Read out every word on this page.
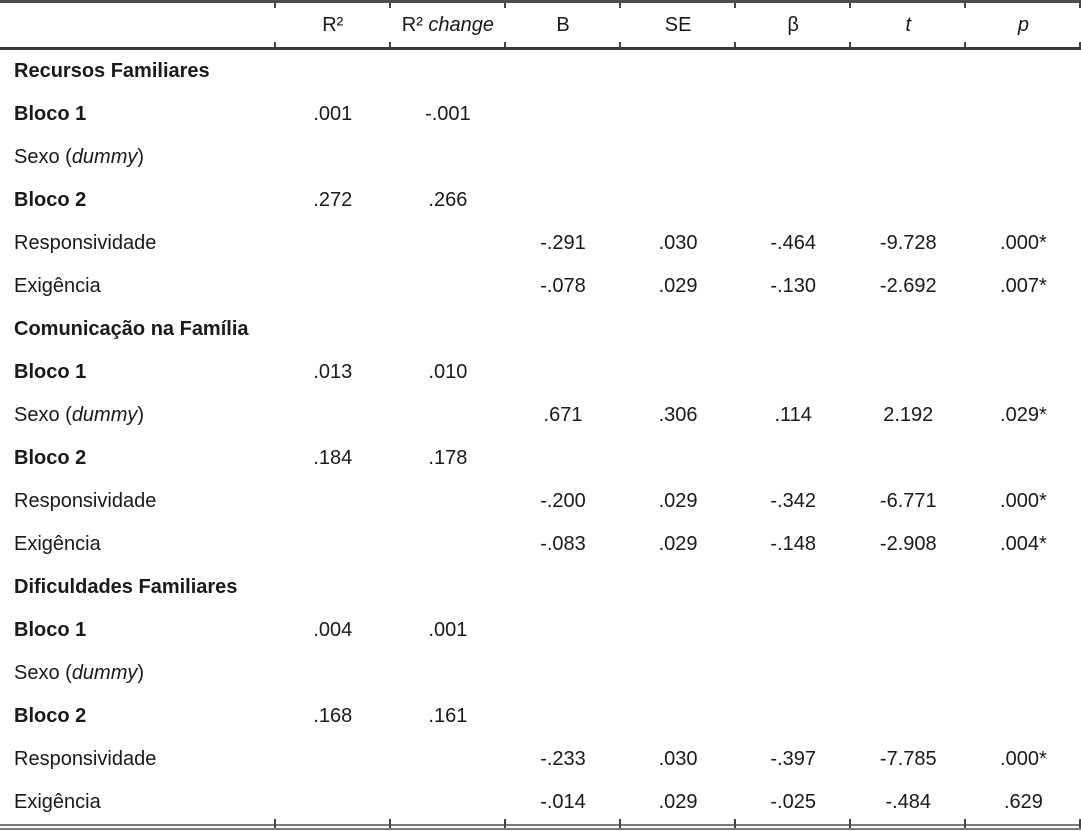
	R²	R² change	B	SE	β	t	p
Recursos Familiares							
Bloco 1	.001	-.001					
Sexo (dummy)							
Bloco 2	.272	.266					
Responsividade			-.291	.030	-.464	-9.728	.000*
Exigência			-.078	.029	-.130	-2.692	.007*
Comunicação na Família							
Bloco 1	.013	.010					
Sexo (dummy)			.671	.306	.114	2.192	.029*
Bloco 2	.184	.178					
Responsividade			-.200	.029	-.342	-6.771	.000*
Exigência			-.083	.029	-.148	-2.908	.004*
Dificuldades Familiares							
Bloco 1	.004	.001					
Sexo (dummy)							
Bloco 2	.168	.161					
Responsividade			-.233	.030	-.397	-7.785	.000*
Exigência			-.014	.029	-.025	-.484	.629
